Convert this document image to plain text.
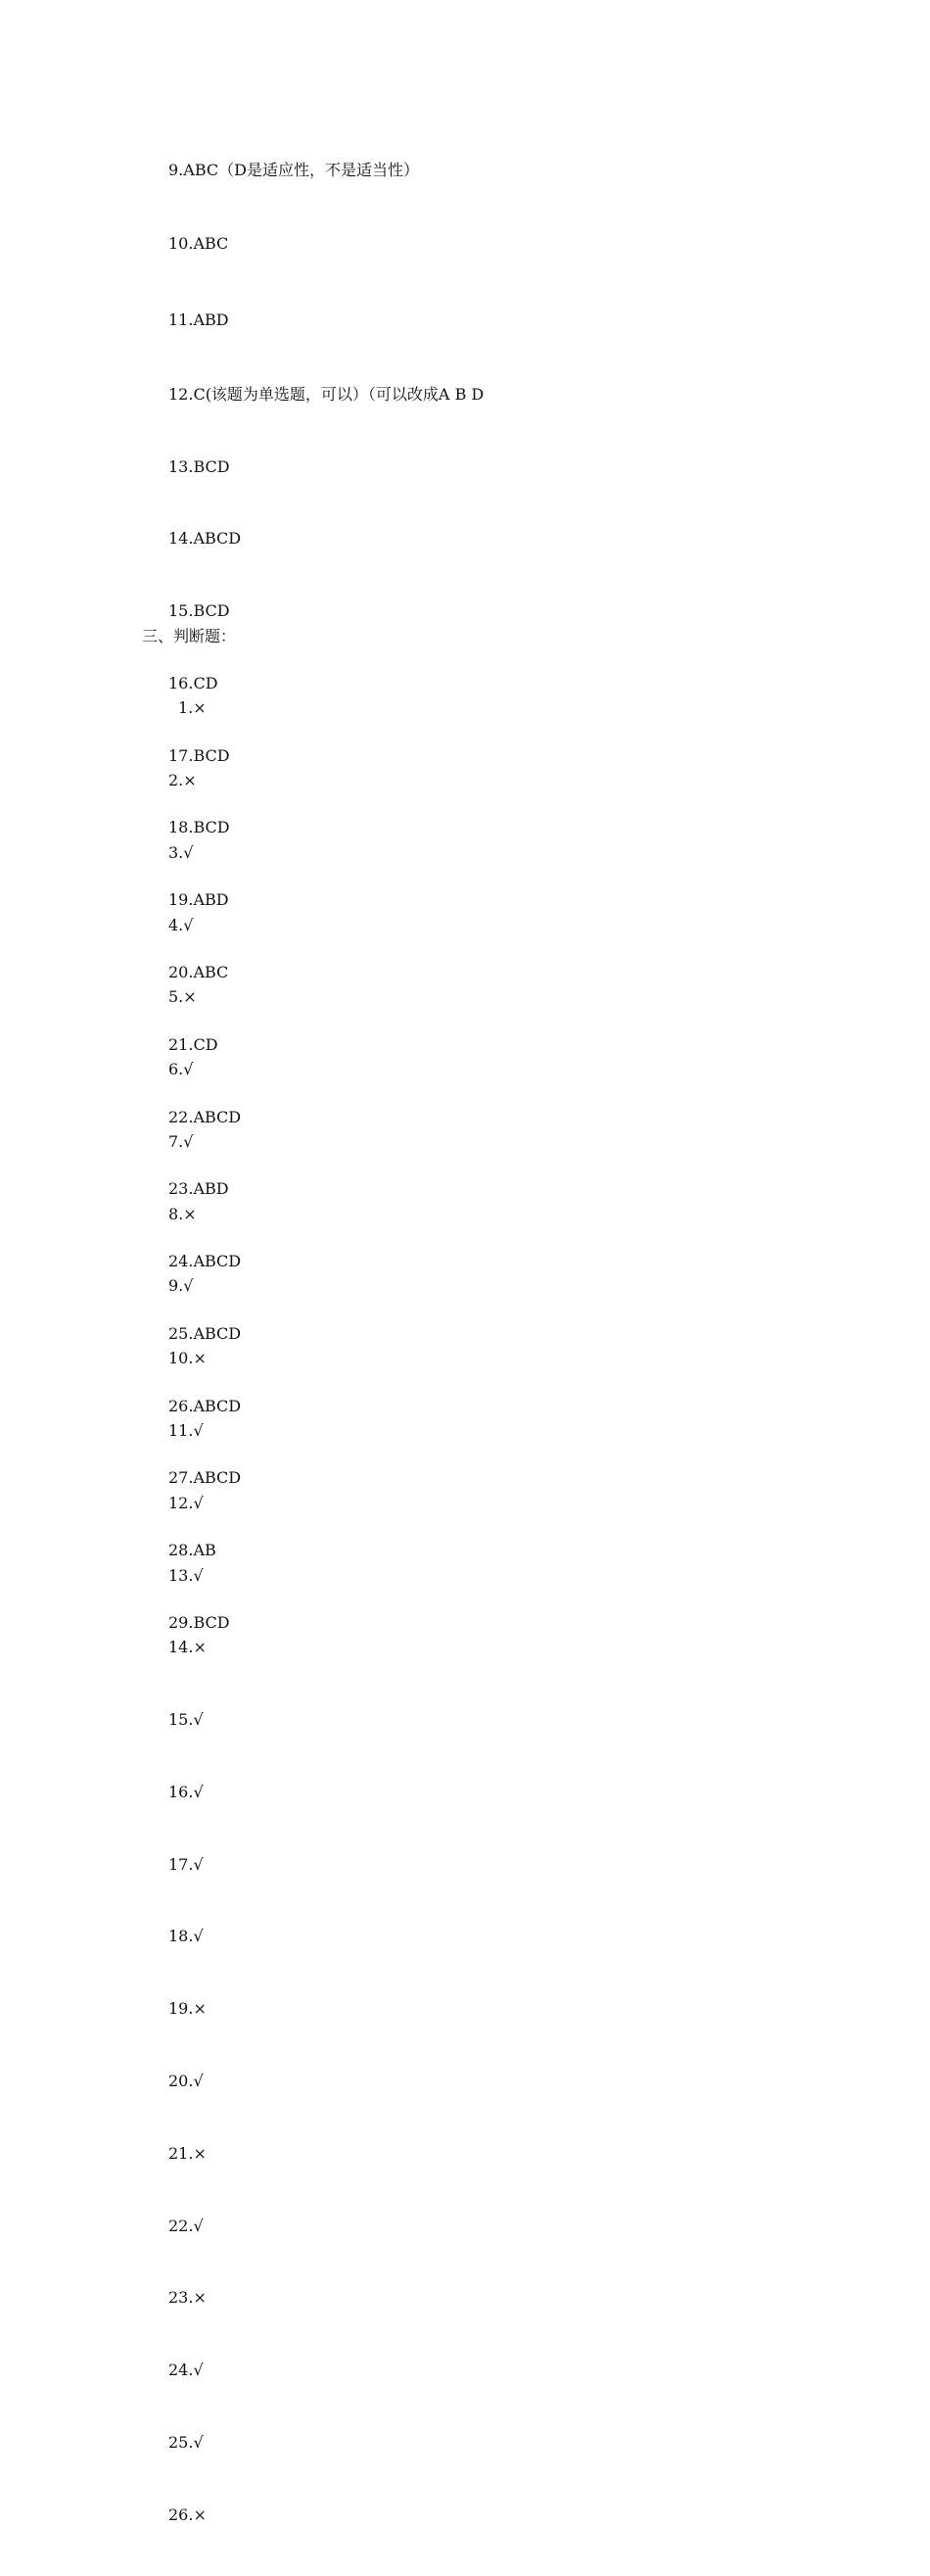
9.ABC（D是适应性，不是适当性）

10.ABC

11.ABD

12.C(该题为单选题，可以）（可以改成A B D

13.BCD

14.ABCD

15.BCD

16.CD

17.BCD

18.BCD

19.ABD

20.ABC

21.CD

22.ABCD

23.ABD

24.ABCD

25.ABCD

26.ABCD

27.ABCD

28.AB

29.BCD

三、判断题：

1.×

2.×

3.√

4.√

5.×

6.√

7.√

8.×

9.√

10.×

11.√

12.√

13.√

14.×

15.√

16.√

17.√

18.√

19.×

20.√

21.×

22.√

23.×

24.√

25.√

26.×
